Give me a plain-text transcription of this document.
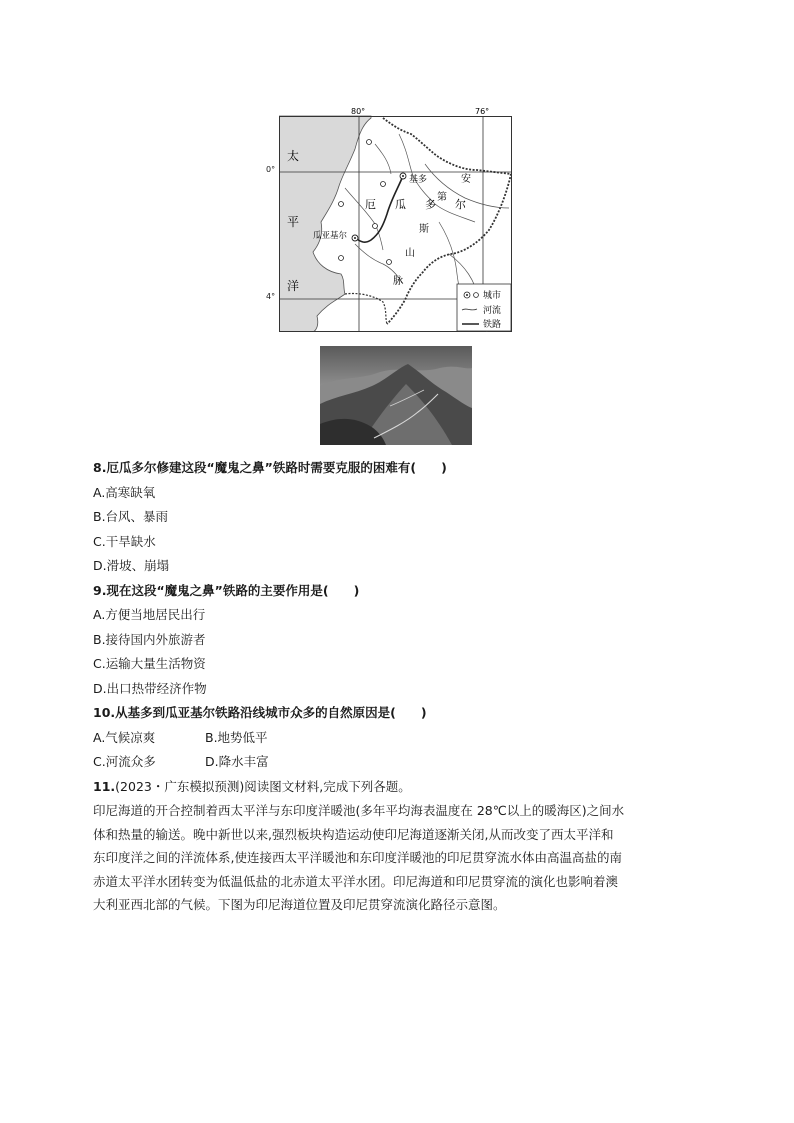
80°	76°
太
平
洋
厄 瓜 多 尔
安
第
斯
山
脉
基多
瓜亚基尔
城市
河流
铁路
0°
4°
8.厄瓜多尔修建这段“魔鬼之鼻”铁路时需要克服的困难有(　　)
A.高寒缺氧
B.台风、暴雨
C.干旱缺水
D.滑坡、崩塌
9.现在这段“魔鬼之鼻”铁路的主要作用是(　　)
A.方便当地居民出行
B.接待国内外旅游者
C.运输大量生活物资
D.出口热带经济作物
10.从基多到瓜亚基尔铁路沿线城市众多的自然原因是(　　)
A.气候凉爽	B.地势低平
C.河流众多	D.降水丰富
11.(2023・广东模拟预测)阅读图文材料,完成下列各题。
印尼海道的开合控制着西太平洋与东印度洋暖池(多年平均海表温度在 28℃以上的暖海区)之间水
体和热量的输送。晚中新世以来,强烈板块构造运动使印尼海道逐渐关闭,从而改变了西太平洋和
东印度洋之间的洋流体系,使连接西太平洋暖池和东印度洋暖池的印尼贯穿流水体由高温高盐的南
赤道太平洋水团转变为低温低盐的北赤道太平洋水团。印尼海道和印尼贯穿流的演化也影响着澳
大利亚西北部的气候。下图为印尼海道位置及印尼贯穿流演化路径示意图。
